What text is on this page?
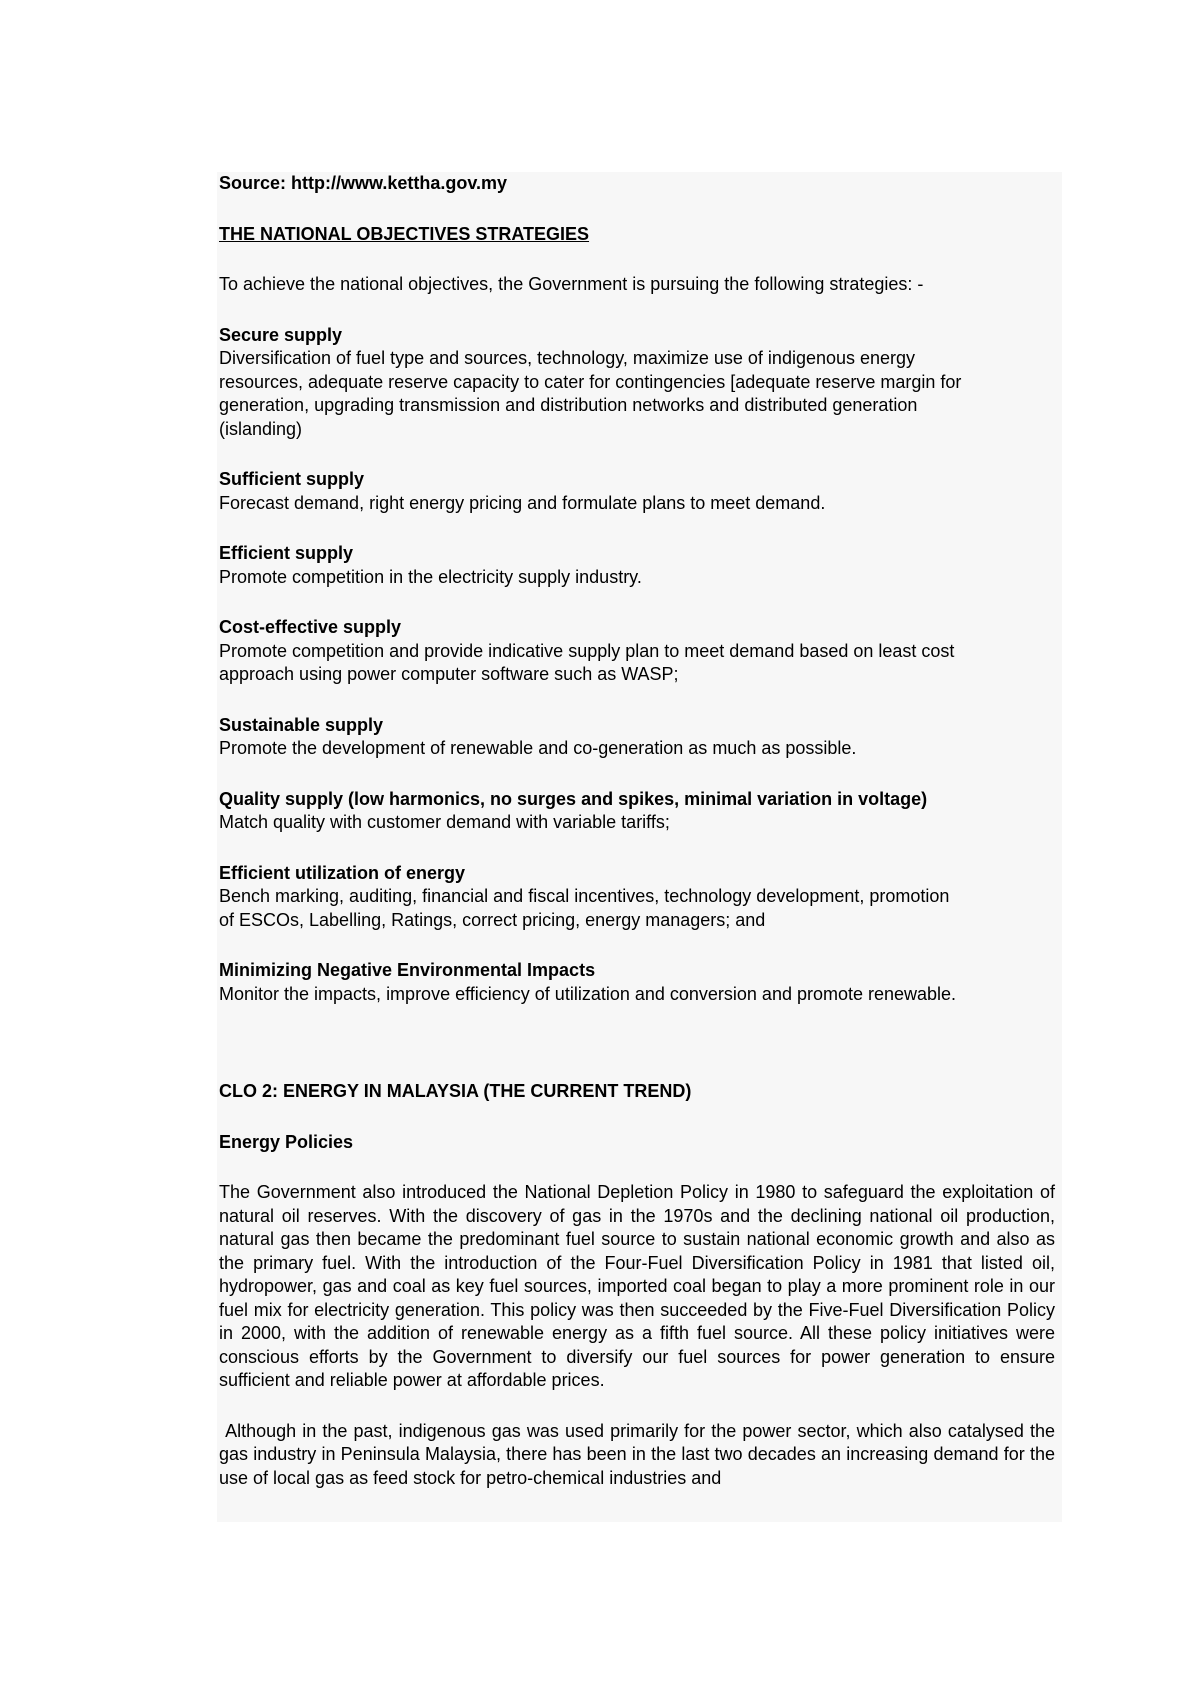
Source: http://www.kettha.gov.my

THE NATIONAL OBJECTIVES STRATEGIES

To achieve the national objectives, the Government is pursuing the following strategies: -

Secure supply

Diversification of fuel type and sources, technology, maximize use of indigenous energy

resources, adequate reserve capacity to cater for contingencies [adequate reserve margin for

generation, upgrading transmission and distribution networks and distributed generation

(islanding)

Sufficient supply

Forecast demand, right energy pricing and formulate plans to meet demand.

Efficient supply

Promote competition in the electricity supply industry.

Cost-effective supply

Promote competition and provide indicative supply plan to meet demand based on least cost

approach using power computer software such as WASP;

Sustainable supply

Promote the development of renewable and co-generation as much as possible.

Quality supply (low harmonics, no surges and spikes, minimal variation in voltage)

Match quality with customer demand with variable tariffs;

Efficient utilization of energy

Bench marking, auditing, financial and fiscal incentives, technology development, promotion

of ESCOs, Labelling, Ratings, correct pricing, energy managers; and

Minimizing Negative Environmental Impacts

Monitor the impacts, improve efficiency of utilization and conversion and promote renewable.

CLO 2: ENERGY IN MALAYSIA (THE CURRENT TREND)

Energy Policies

The Government also introduced the National Depletion Policy in 1980 to safeguard the exploitation of natural oil reserves. With the discovery of gas in the 1970s and the declining national oil production, natural gas then became the predominant fuel source to sustain national economic growth and also as the primary fuel. With the introduction of the Four-Fuel Diversification Policy in 1981 that listed oil, hydropower, gas and coal as key fuel sources, imported coal began to play a more prominent role in our fuel mix for electricity generation. This policy was then succeeded by the Five-Fuel Diversification Policy in 2000, with the addition of renewable energy as a fifth fuel source. All these policy initiatives were conscious efforts by the Government to diversify our fuel sources for power generation to ensure sufficient and reliable power at affordable prices.

Although in the past, indigenous gas was used primarily for the power sector, which also catalysed the gas industry in Peninsula Malaysia, there has been in the last two decades an increasing demand for the use of local gas as feed stock for petro-chemical industries and
